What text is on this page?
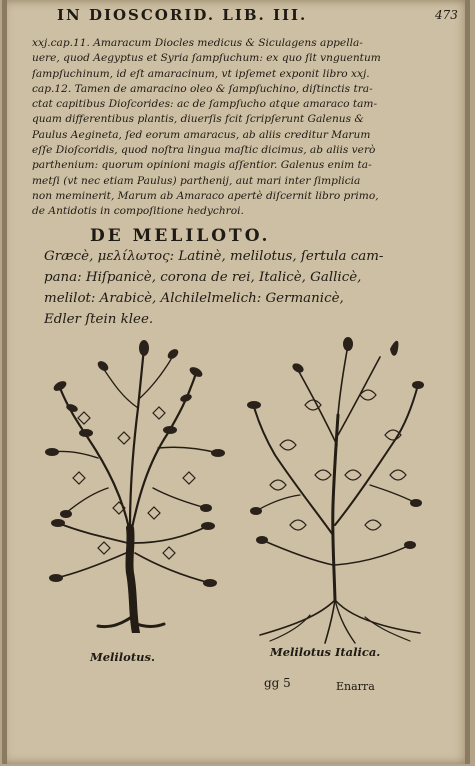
IN DIOSCORID. LIB. III.	473
xxj.cap.11. Amaracum Diocles medicus & Siculagens appella-
uere, quod Aegyptus et Syria ſampſuchum: ex quo ſit vnguentum
ſampſuchinum, id eſt amaracinum, vt ipſemet exponit libro xxj.
cap.12. Tamen de amaracino oleo & ſampſuchino, diſtinctis tra-
ctat capitibus Dioſcorides: ac de ſampſucho atque amaraco tam-
quam differentibus plantis, diuerſis fcit ſcripſerunt Galenus &
Paulus Aegineta, ſed eorum amaracus, ab aliis creditur Marum
eſſe Dioſcoridis, quod noſtra lingua maſtic dicimus, ab aliis verò
parthenium: quorum opinioni magis aſſentior. Galenus enim ta-
metſi (vt nec etiam Paulus) parthenij, aut mari inter ſimplicia
non meminerit, Marum ab Amaraco apertè diſcernit libro primo,
de Antidotis in compoſitione hedychroi.
DE MELILOTO.
Græcè, μελίλωτος: Latinè, melilotus, ſertula cam-
pana: Hiſpanicè, corona de rei, Italicè, Gallicè,
melilot: Arabicè, Alchilelmelich: Germanicè,
Edler ſtein klee.
Melilotus.	Melilotus Italica.
gg 5	Enarra
